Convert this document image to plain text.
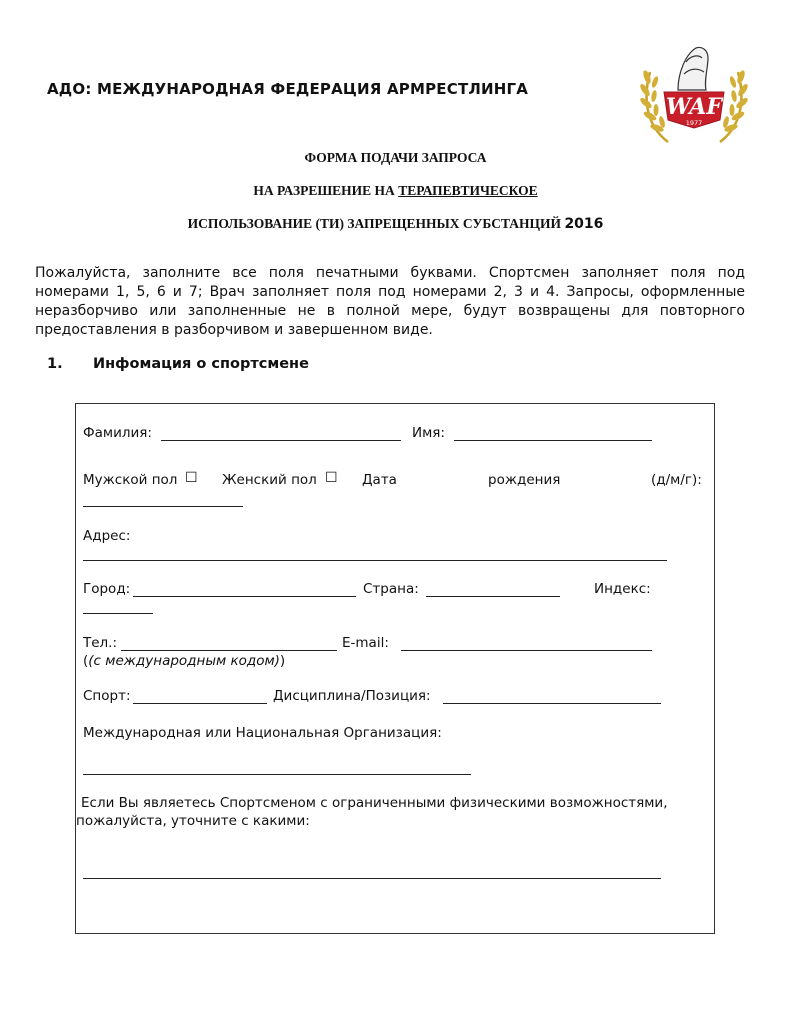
АДО: МЕЖДУНАРОДНАЯ ФЕДЕРАЦИЯ АРМРЕСТЛИНГА
WAF
1977
ФОРМА ПОДАЧИ ЗАПРОСА
НА РАЗРЕШЕНИЕ НА ТЕРАПЕВТИЧЕСКОЕ
ИСПОЛЬЗОВАНИЕ (ТИ) ЗАПРЕЩЕННЫХ СУБСТАНЦИЙ 2016
Пожалуйста, заполните все поля печатными буквами. Спортсмен заполняет поля под номерами 1, 5, 6 и 7; Врач заполняет поля под номерами 2, 3 и 4. Запросы, оформленные неразборчиво или заполненные не в полной мере, будут возвращены для повторного предоставления в разборчивом и завершенном виде.
1. Инфомация о спортсмене
Фамилия:	Имя:
Мужской пол ☐ Женский пол ☐ Дата	рождения	(д/м/г):
Адрес:
Город:	Страна:	Индекс:
Тел.:	E-mail:
((с международным кодом))
Спорт:	Дисциплина/Позиция:
Международная или Национальная Организация:
Если Вы являетесь Спортсменом с ограниченными физическими возможностями,
пожалуйста, уточните с какими:
